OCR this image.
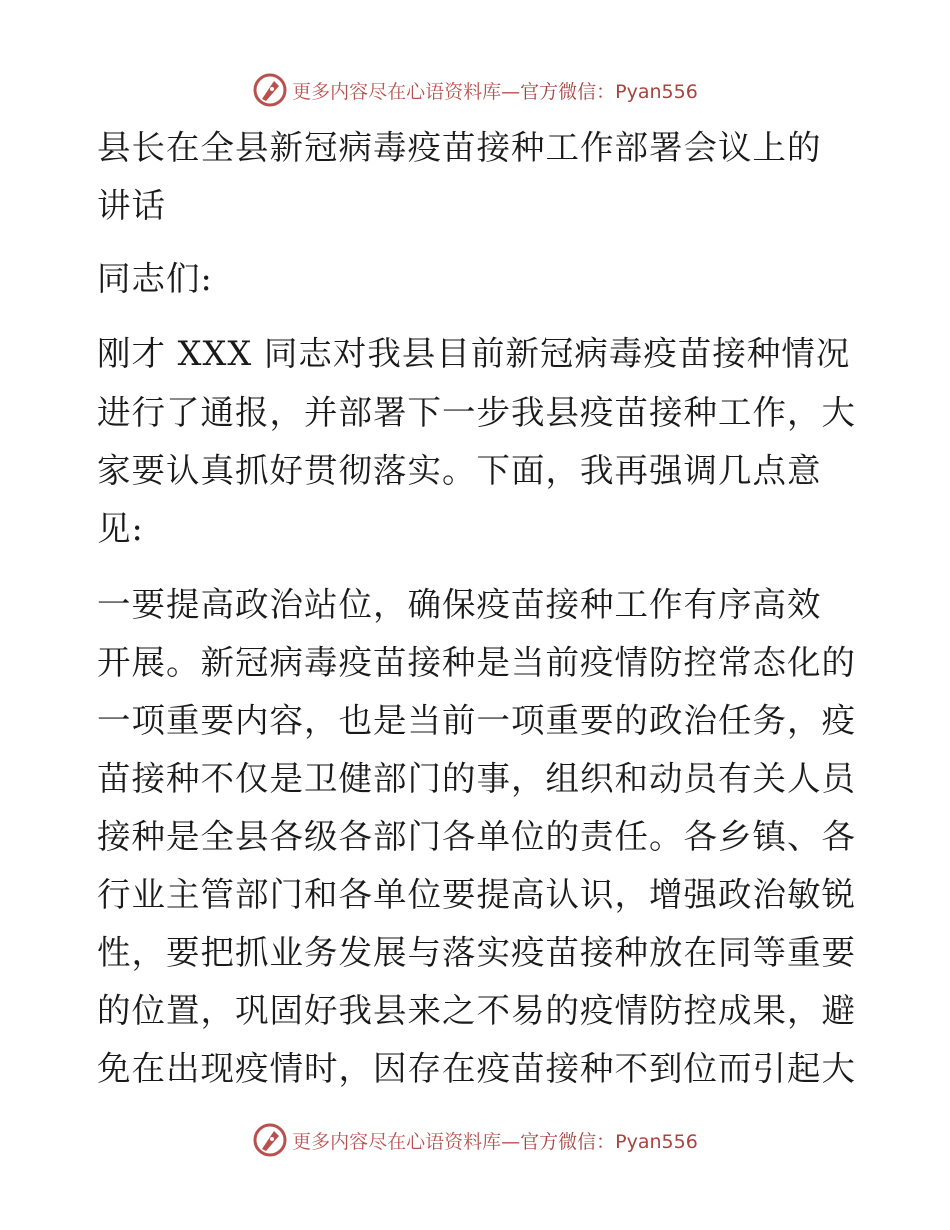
更多内容尽在心语资料库—官方微信：Pyan556
县长在全县新冠病毒疫苗接种工作部署会议上的
讲话
同志们:
刚才 XXX 同志对我县目前新冠病毒疫苗接种情况
进行了通报，并部署下一步我县疫苗接种工作，大
家要认真抓好贯彻落实。下面，我再强调几点意
见:
一要提高政治站位，确保疫苗接种工作有序高效
开展。新冠病毒疫苗接种是当前疫情防控常态化的
一项重要内容，也是当前一项重要的政治任务，疫
苗接种不仅是卫健部门的事，组织和动员有关人员
接种是全县各级各部门各单位的责任。各乡镇、各
行业主管部门和各单位要提高认识，增强政治敏锐
性，要把抓业务发展与落实疫苗接种放在同等重要
的位置，巩固好我县来之不易的疫情防控成果，避
免在出现疫情时，因存在疫苗接种不到位而引起大
更多内容尽在心语资料库—官方微信：Pyan556
